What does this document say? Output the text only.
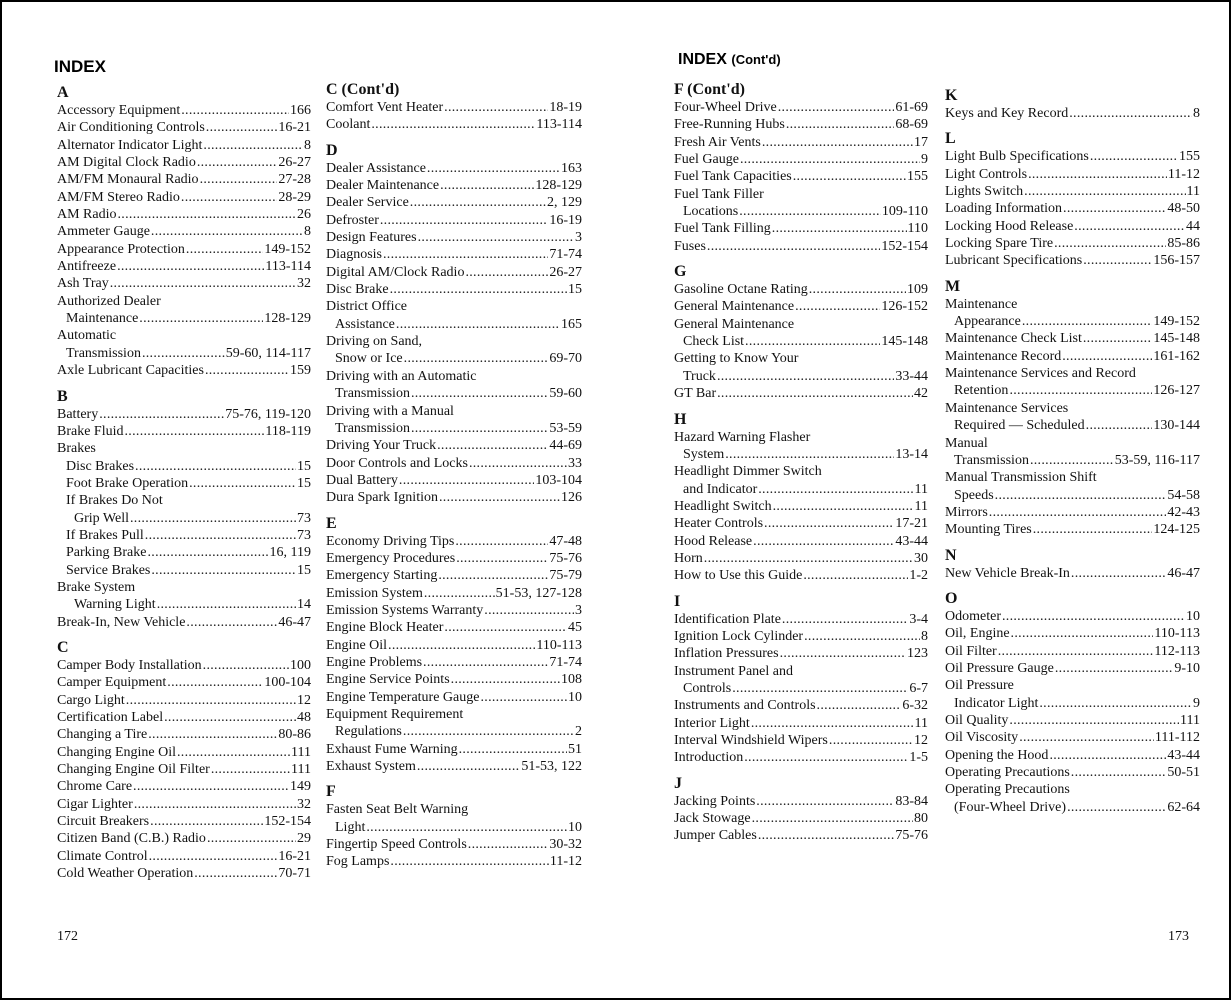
INDEX	INDEX (Cont'd)
A
Accessory Equipment . . .	166
Air Conditioning Controls . . .	16-21
Alternator Indicator Light . . .	8
AM Digital Clock Radio . . .	26-27
AM/FM Monaural Radio . . .	27-28
AM/FM Stereo Radio . . .	28-29
AM Radio . . .	26
Ammeter Gauge . . .	8
Appearance Protection . . .	149-152
Antifreeze . . .	113-114
Ash Tray . . .	32
Authorized Dealer
Maintenance . . .	128-129
Automatic
Transmission . . .	59-60, 114-117
Axle Lubricant Capacities . . .	159
B
Battery . . .	75-76, 119-120
Brake Fluid . . .	118-119
Brakes
Disc Brakes . . .	15
Foot Brake Operation . . .	15
If Brakes Do Not
Grip Well . . .	73
If Brakes Pull . . .	73
Parking Brake . . .	16, 119
Service Brakes . . .	15
Brake System
Warning Light . . .	14
Break-In, New Vehicle . . .	46-47
C
Camper Body Installation . . .	100
Camper Equipment . . .	100-104
Cargo Light . . .	12
Certification Label . . .	48
Changing a Tire . . .	80-86
Changing Engine Oil . . .	111
Changing Engine Oil Filter . . .	111
Chrome Care . . .	149
Cigar Lighter . . .	32
Circuit Breakers . . .	152-154
Citizen Band (C.B.) Radio . . .	29
Climate Control . . .	16-21
Cold Weather Operation . . .	70-71
C (Cont'd)
Comfort Vent Heater . . .	18-19
Coolant . . .	113-114
D
Dealer Assistance . . .	163
Dealer Maintenance . . .	128-129
Dealer Service . . .	2, 129
Defroster . . .	16-19
Design Features . . .	3
Diagnosis . . .	71-74
Digital AM/Clock Radio . . .	26-27
Disc Brake . . .	15
District Office
Assistance . . .	165
Driving on Sand,
Snow or Ice . . .	69-70
Driving with an Automatic
Transmission . . .	59-60
Driving with a Manual
Transmission . . .	53-59
Driving Your Truck . . .	44-69
Door Controls and Locks . . .	33
Dual Battery . . .	103-104
Dura Spark Ignition . . .	126
E
Economy Driving Tips . . .	47-48
Emergency Procedures . . .	75-76
Emergency Starting . . .	75-79
Emission System . . .	51-53, 127-128
Emission Systems Warranty . . .	3
Engine Block Heater . . .	45
Engine Oil . . .	110-113
Engine Problems . . .	71-74
Engine Service Points . . .	108
Engine Temperature Gauge . . .	10
Equipment Requirement
Regulations . . .	2
Exhaust Fume Warning . . .	51
Exhaust System . . .	51-53, 122
F
Fasten Seat Belt Warning
Light . . .	10
Fingertip Speed Controls . . .	30-32
Fog Lamps . . .	11-12
F (Cont'd)
Four-Wheel Drive . . .	61-69
Free-Running Hubs . . .	68-69
Fresh Air Vents . . .	17
Fuel Gauge . . .	9
Fuel Tank Capacities . . .	155
Fuel Tank Filler
Locations . . .	109-110
Fuel Tank Filling . . .	110
Fuses . . .	152-154
G
Gasoline Octane Rating . . .	109
General Maintenance . . .	126-152
General Maintenance
Check List . . .	145-148
Getting to Know Your
Truck . . .	33-44
GT Bar . . .	42
H
Hazard Warning Flasher
System . . .	13-14
Headlight Dimmer Switch
and Indicator . . .	11
Headlight Switch . . .	11
Heater Controls . . .	17-21
Hood Release . . .	43-44
Horn . . .	30
How to Use this Guide . . .	1-2
I
Identification Plate . . .	3-4
Ignition Lock Cylinder . . .	8
Inflation Pressures . . .	123
Instrument Panel and
Controls . . .	6-7
Instruments and Controls . . .	6-32
Interior Light . . .	11
Interval Windshield Wipers . . .	12
Introduction . . .	1-5
J
Jacking Points . . .	83-84
Jack Stowage . . .	80
Jumper Cables . . .	75-76
K
Keys and Key Record . . .	8
L
Light Bulb Specifications . . .	155
Light Controls . . .	11-12
Lights Switch . . .	11
Loading Information . . .	48-50
Locking Hood Release . . .	44
Locking Spare Tire . . .	85-86
Lubricant Specifications . . .	156-157
M
Maintenance
Appearance . . .	149-152
Maintenance Check List . . .	145-148
Maintenance Record . . .	161-162
Maintenance Services and Record
Retention . . .	126-127
Maintenance Services
Required — Scheduled . . .	130-144
Manual
Transmission . . .	53-59, 116-117
Manual Transmission Shift
Speeds . . .	54-58
Mirrors . . .	42-43
Mounting Tires . . .	124-125
N
New Vehicle Break-In . . .	46-47
O
Odometer . . .	10
Oil, Engine . . .	110-113
Oil Filter . . .	112-113
Oil Pressure Gauge . . .	9-10
Oil Pressure
Indicator Light . . .	9
Oil Quality . . .	111
Oil Viscosity . . .	111-112
Opening the Hood . . .	43-44
Operating Precautions . . .	50-51
Operating Precautions
(Four-Wheel Drive) . . .	62-64
172	173
